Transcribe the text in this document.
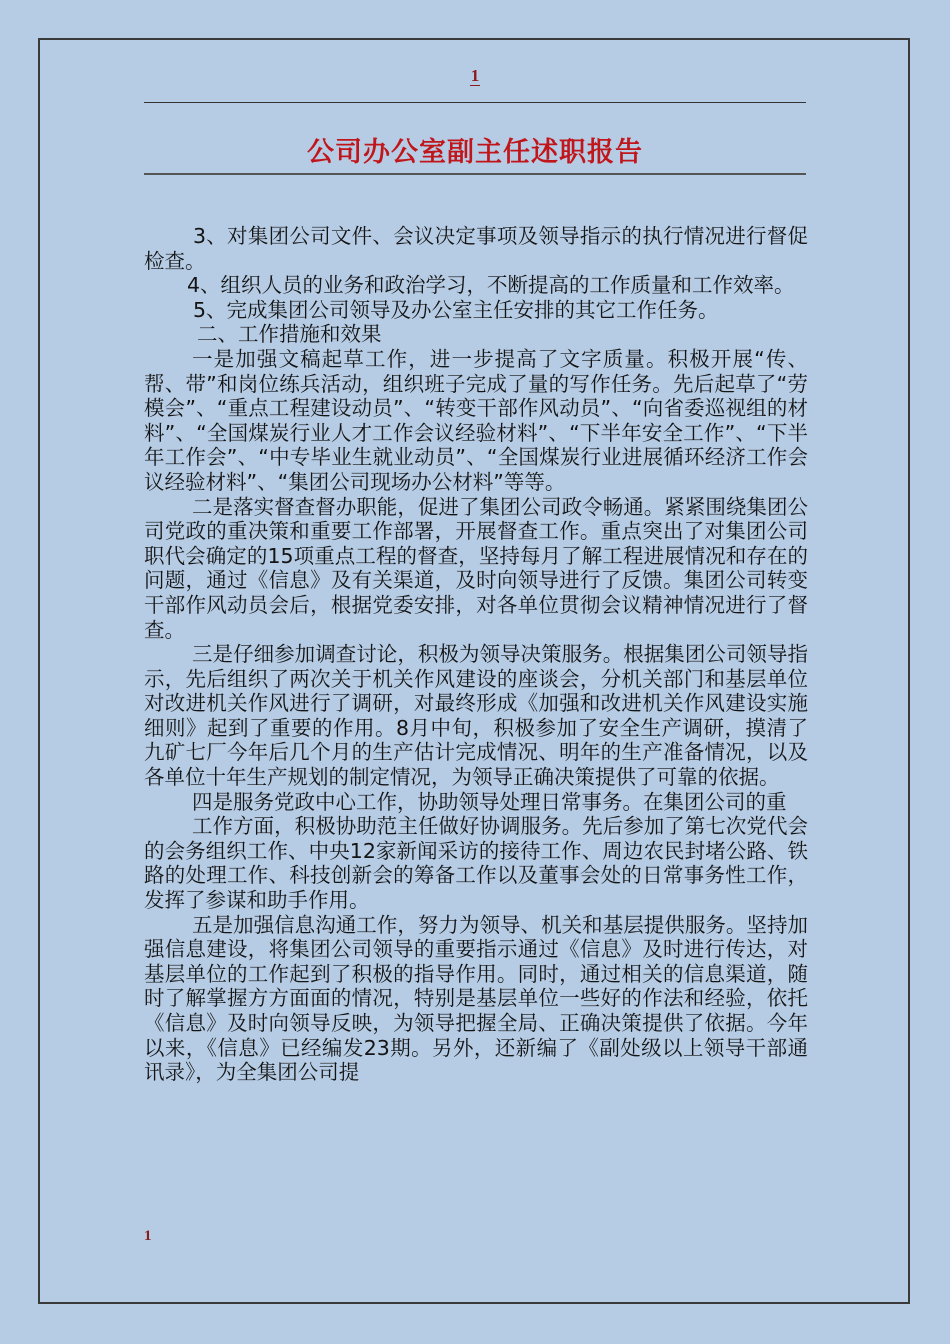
1
公司办公室副主任述职报告

3、对集团公司文件、会议决定事项及领导指示的执行情况进行督促检查。

4、组织人员的业务和政治学习，不断提高的工作质量和工作效率。

5、完成集团公司领导及办公室主任安排的其它工作任务。

二、工作措施和效果

一是加强文稿起草工作，进一步提高了文字质量。积极开展“传、帮、带”和岗位练兵活动，组织班子完成了量的写作任务。先后起草了“劳模会”、“重点工程建设动员”、“转变干部作风动员”、“向省委巡视组的材料”、“全国煤炭行业人才工作会议经验材料”、“下半年安全工作”、“下半年工作会”、“中专毕业生就业动员”、“全国煤炭行业进展循环经济工作会议经验材料”、“集团公司现场办公材料”等等。

二是落实督查督办职能，促进了集团公司政令畅通。紧紧围绕集团公司党政的重决策和重要工作部署，开展督查工作。重点突出了对集团公司职代会确定的15项重点工程的督查，坚持每月了解工程进展情况和存在的问题，通过《信息》及有关渠道，及时向领导进行了反馈。集团公司转变干部作风动员会后，根据党委安排，对各单位贯彻会议精神情况进行了督查。

三是仔细参加调查讨论，积极为领导决策服务。根据集团公司领导指示，先后组织了两次关于机关作风建设的座谈会，分机关部门和基层单位对改进机关作风进行了调研，对最终形成《加强和改进机关作风建设实施细则》起到了重要的作用。8月中旬，积极参加了安全生产调研，摸清了九矿七厂今年后几个月的生产估计完成情况、明年的生产准备情况，以及各单位十年生产规划的制定情况，为领导正确决策提供了可靠的依据。

四是服务党政中心工作，协助领导处理日常事务。在集团公司的重

工作方面，积极协助范主任做好协调服务。先后参加了第七次党代会的会务组织工作、中央12家新闻采访的接待工作、周边农民封堵公路、铁路的处理工作、科技创新会的筹备工作以及董事会处的日常事务性工作，发挥了参谋和助手作用。

五是加强信息沟通工作，努力为领导、机关和基层提供服务。坚持加强信息建设，将集团公司领导的重要指示通过《信息》及时进行传达，对基层单位的工作起到了积极的指导作用。同时，通过相关的信息渠道，随时了解掌握方方面面的情况，特别是基层单位一些好的作法和经验，依托《信息》及时向领导反映，为领导把握全局、正确决策提供了依据。今年以来，《信息》已经编发23期。另外，还新编了《副处级以上领导干部通讯录》，为全集团公司提

1
